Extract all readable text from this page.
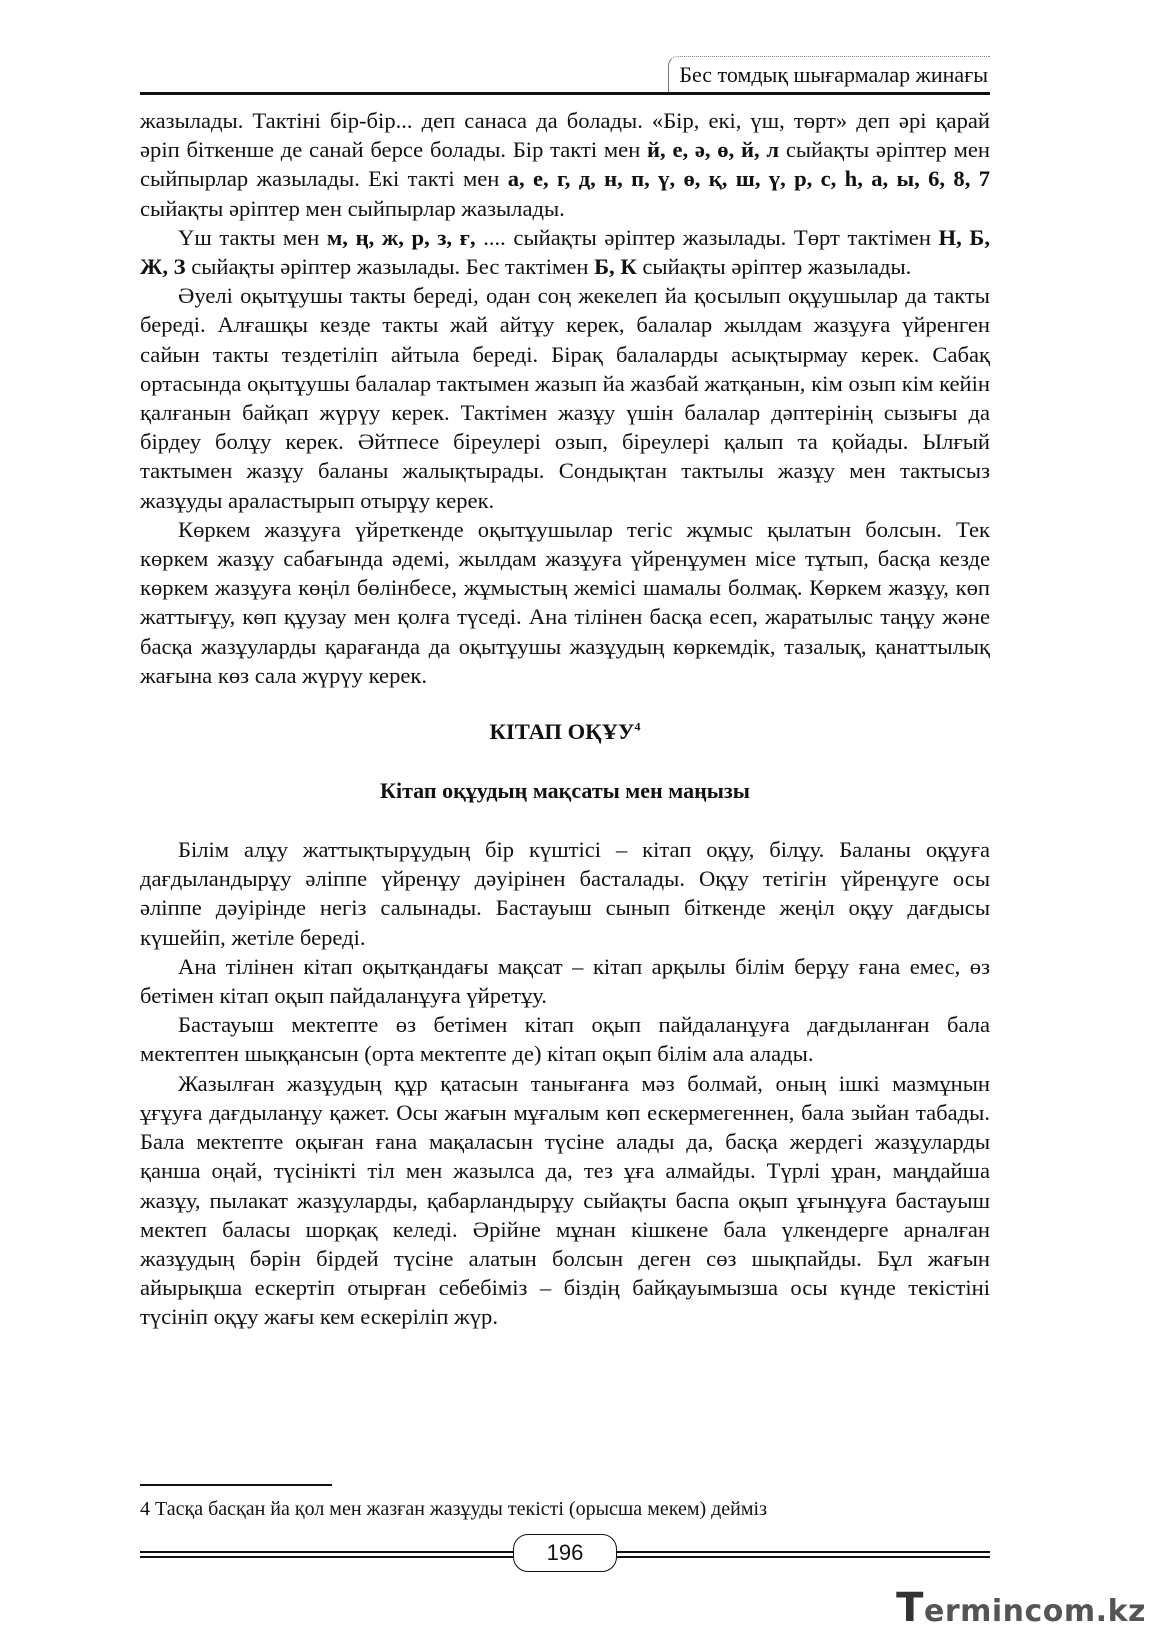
Бес томдық шығармалар жинағы

жазылады. Тактіні бір-бір... деп санаса да болады. «Бір, екі, үш, төрт» деп әрі қарай әріп біткенше де санай берсе болады. Бір такті мен й, е, ә, ө, й, л сыйақты әріптер мен сыйпырлар жазылады. Екі такті мен а, е, г, д, н, п, ү, ө, қ, ш, ү, р, с, һ, а, ы, 6, 8, 7 сыйақты әріптер мен сыйпырлар жазылады.

Үш такты мен м, ң, ж, р, з, ғ, .... сыйақты әріптер жазылады. Төрт тактімен Н, Б, Ж, З сыйақты әріптер жазылады. Бес тактімен Б, К сыйақты әріптер жазылады.

Әуелі оқытұушы такты береді, одан соң жекелеп йа қосылып оқұушылар да такты береді. Алғашқы кезде такты жай айтұу керек, балалар жылдам жазұуға үйренген сайын такты тездетіліп айтыла береді. Бірақ балаларды асықтырмау керек. Сабақ ортасында оқытұушы балалар тактымен жазып йа жазбай жатқанын, кім озып кім кейін қалғанын байқап жүрүу керек. Тактімен жазұу үшін балалар дәптерінің сызығы да бірдеу болұу керек. Әйтпесе біреулері озып, біреулері қалып та қойады. Ылғый тактымен жазұу баланы жалықтырады. Сондықтан тактылы жазұу мен тактысыз жазұуды араластырып отырұу керек.

Көркем жазұуға үйреткенде оқытұушылар тегіс жұмыс қылатын болсын. Тек көркем жазұу сабағында әдемі, жылдам жазұуға үйренұумен місе тұтып, басқа кезде көркем жазұуға көңіл бөлінбесе, жұмыстың жемісі шамалы болмақ. Көркем жазұу, көп жаттығұу, көп құузау мен қолға түседі. Ана тілінен басқа есеп, жаратылыс таңұу және басқа жазұуларды қарағанда да оқытұушы жазұудың көркемдік, тазалық, қанаттылық жағына көз сала жүрүу керек.

КІТАП ОҚҰУ$^4$
Кітап оқұудың мақсаты мен маңызы

Білім алұу жаттықтырұудың бір күштісі – кітап оқұу, білұу. Баланы оқұуға дағдыландырұу әліппе үйренұу дәуірінен басталады. Оқұу тетігін үйренұуге осы әліппе дәуірінде негіз салынады. Бастауыш сынып біткенде жеңіл оқұу дағдысы күшейіп, жетіле береді.

Ана тілінен кітап оқытқандағы мақсат – кітап арқылы білім берұу ғана емес, өз бетімен кітап оқып пайдаланұуға үйретұу.

Бастауыш мектепте өз бетімен кітап оқып пайдаланұуға дағдыланған бала мектептен шыққансын (орта мектепте де) кітап оқып білім ала алады.

Жазылған жазұудың құр қатасын танығанға мәз болмай, оның ішкі мазмұнын ұғұуға дағдыланұу қажет. Осы жағын мұғалым көп ескермегеннен, бала зыйан табады. Бала мектепте оқыған ғана мақаласын түсіне алады да, басқа жердегі жазұуларды қанша оңай, түсінікті тіл мен жазылса да, тез ұға алмайды. Түрлі ұран, маңдайша жазұу, пылакат жазұуларды, қабарландырұу сыйақты баспа оқып ұғынұуға бастауыш мектеп баласы шорқақ келеді. Әрійне мұнан кішкене бала үлкендерге арналған жазұудың бәрін бірдей түсіне алатын болсын деген сөз шықпайды. Бұл жағын айырықша ескертіп отырған себебіміз – біздің байқауымызша осы күнде текістіні түсініп оқұу жағы кем ескеріліп жүр.

4 Тасқа басқан йа қол мен жазған жазұуды текісті (орысша мекем) дейміз
196
Termincom.kz
